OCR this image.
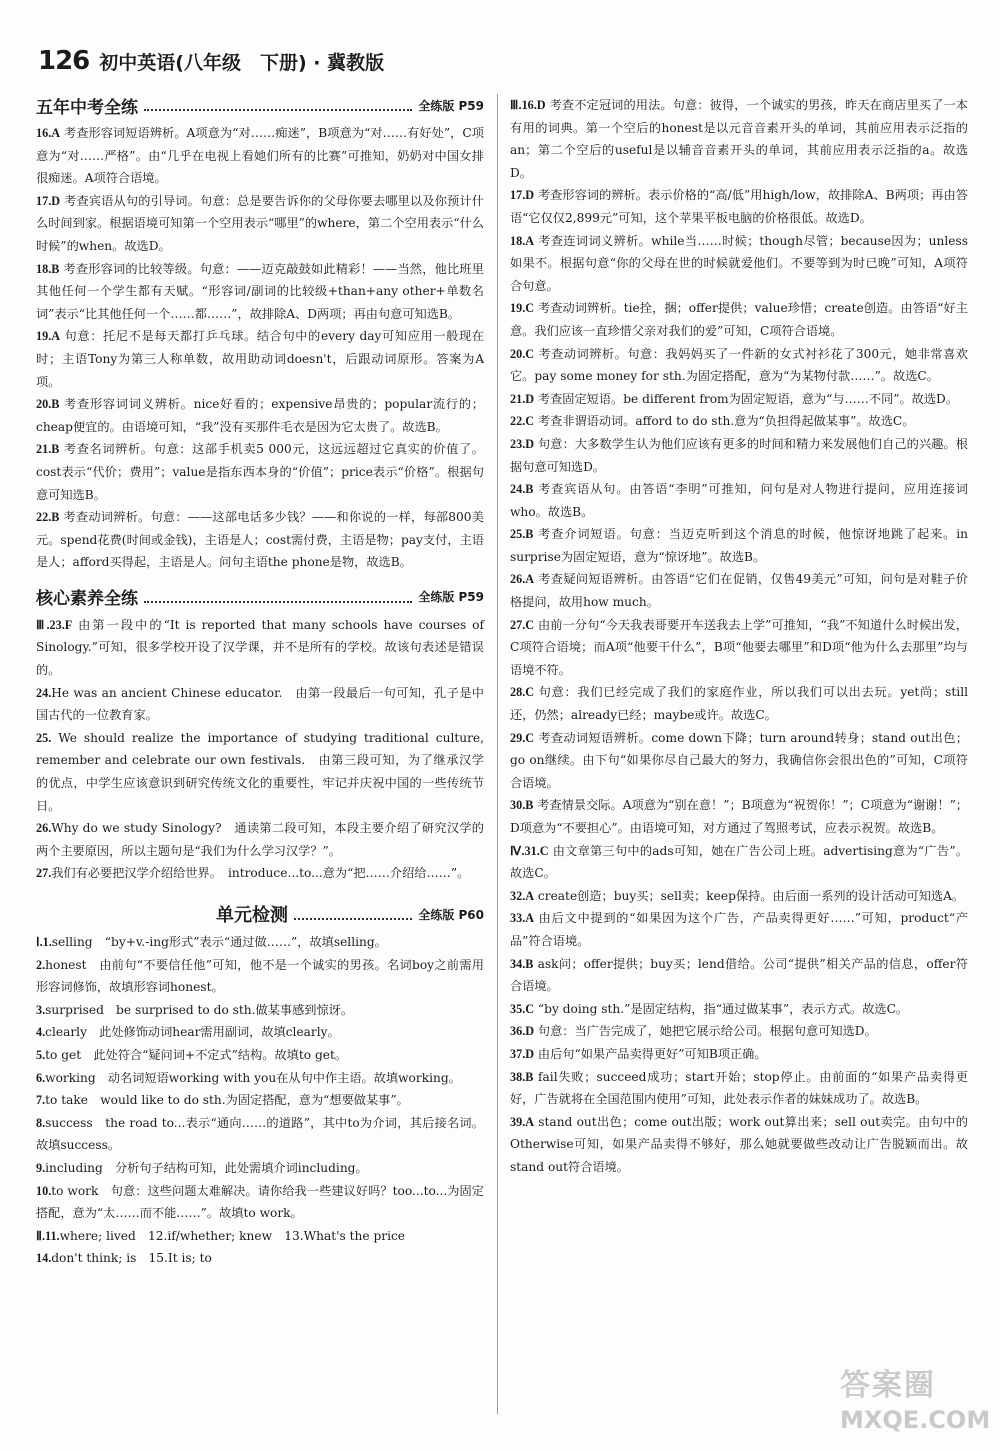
126 初中英语(八年级　下册) · 冀教版
五年中考全练	全练版 P59

16.A 考查形容词短语辨析。A项意为“对……痴迷”，B项意为“对……有好处”，C项意为“对……严格”。由“几乎在电视上看她们所有的比赛”可推知，奶奶对中国女排很痴迷。A项符合语境。

17.D 考查宾语从句的引导词。句意：总是要告诉你的父母你要去哪里以及你预计什么时间到家。根据语境可知第一个空用表示“哪里”的where，第二个空用表示“什么时候”的when。故选D。

18.B 考查形容词的比较等级。句意：——迈克敲鼓如此精彩！——当然，他比班里其他任何一个学生都有天赋。“形容词/副词的比较级+than+any other+单数名词”表示“比其他任何一个……都……”，故排除A、D两项；再由句意可知选B。

19.A 句意：托尼不是每天都打乒乓球。结合句中的every day可知应用一般现在时；主语Tony为第三人称单数，故用助动词doesn't，后跟动词原形。答案为A项。

20.B 考查形容词词义辨析。nice好看的；expensive昂贵的；popular流行的；cheap便宜的。由语境可知，“我”没有买那件毛衣是因为它太贵了。故选B。

21.B 考查名词辨析。句意：这部手机卖5 000元，这远远超过它真实的价值了。cost表示“代价；费用”；value是指东西本身的“价值”；price表示“价格”。根据句意可知选B。

22.B 考查动词辨析。句意：——这部电话多少钱？——和你说的一样，每部800美元。spend花费(时间或金钱)，主语是人；cost需付费，主语是物；pay支付，主语是人；afford买得起，主语是人。问句主语the phone是物，故选B。

核心素养全练	全练版 P59

Ⅲ.23.F 由第一段中的“It is reported that many schools have courses of Sinology.”可知，很多学校开设了汉学课，并不是所有的学校。故该句表述是错误的。

24.He was an ancient Chinese educator.　由第一段最后一句可知，孔子是中国古代的一位教育家。

25. We should realize the importance of studying traditional culture, remember and celebrate our own festivals.　由第三段可知，为了继承汉学的优点，中学生应该意识到研究传统文化的重要性，牢记并庆祝中国的一些传统节日。

26.Why do we study Sinology?　通读第二段可知，本段主要介绍了研究汉学的两个主要原因，所以主题句是“我们为什么学习汉学？”。

27.我们有必要把汉学介绍给世界。　introduce...to...意为“把……介绍给……”。

单元检测	全练版 P60

Ⅰ.1.selling　“by+v.-ing形式”表示“通过做……”，故填selling。

2.honest　由前句“不要信任他”可知，他不是一个诚实的男孩。名词boy之前需用形容词修饰，故填形容词honest。

3.surprised　be surprised to do sth.做某事感到惊讶。

4.clearly　此处修饰动词hear需用副词，故填clearly。

5.to get　此处符合“疑问词+不定式”结构。故填to get。

6.working　动名词短语working with you在从句中作主语。故填working。

7.to take　would like to do sth.为固定搭配，意为“想要做某事”。

8.success　the road to...表示“通向……的道路”，其中to为介词，其后接名词。故填success。

9.including　分析句子结构可知，此处需填介词including。

10.to work　句意：这些问题太难解决。请你给我一些建议好吗？too...to...为固定搭配，意为“太……而不能……”。故填to work。

Ⅱ.11.where; lived　12.if/whether; knew　13.What's the price

14.don't think; is　15.It is; to

Ⅲ.16.D 考查不定冠词的用法。句意：彼得，一个诚实的男孩，昨天在商店里买了一本有用的词典。第一个空后的honest是以元音音素开头的单词，其前应用表示泛指的an；第二个空后的useful是以辅音音素开头的单词，其前应用表示泛指的a。故选D。

17.D 考查形容词的辨析。表示价格的“高/低”用high/low，故排除A、B两项；再由答语“它仅仅2,899元”可知，这个苹果平板电脑的价格很低。故选D。

18.A 考查连词词义辨析。while当……时候；though尽管；because因为；unless如果不。根据句意“你的父母在世的时候就爱他们。不要等到为时已晚”可知，A项符合句意。

19.C 考查动词辨析。tie拴，捆；offer提供；value珍惜；create创造。由答语“好主意。我们应该一直珍惜父亲对我们的爱”可知，C项符合语境。

20.C 考查动词辨析。句意：我妈妈买了一件新的女式衬衫花了300元，她非常喜欢它。pay some money for sth.为固定搭配，意为“为某物付款……”。故选C。

21.D 考查固定短语。be different from为固定短语，意为“与……不同”。故选D。

22.C 考查非谓语动词。afford to do sth.意为“负担得起做某事”。故选C。

23.D 句意：大多数学生认为他们应该有更多的时间和精力来发展他们自己的兴趣。根据句意可知选D。

24.B 考查宾语从句。由答语“李明”可推知，问句是对人物进行提问，应用连接词who。故选B。

25.B 考查介词短语。句意：当迈克听到这个消息的时候，他惊讶地跳了起来。in surprise为固定短语，意为“惊讶地”。故选B。

26.A 考查疑问短语辨析。由答语“它们在促销，仅售49美元”可知，问句是对鞋子价格提问，故用how much。

27.C 由前一分句“今天我表哥要开车送我去上学”可推知，“我”不知道什么时候出发，C项符合语境；而A项“他要干什么”，B项“他要去哪里”和D项“他为什么去那里”均与语境不符。

28.C 句意：我们已经完成了我们的家庭作业，所以我们可以出去玩。yet尚；still还，仍然；already已经；maybe或许。故选C。

29.C 考查动词短语辨析。come down下降；turn around转身；stand out出色；go on继续。由下句“如果你尽自己最大的努力，我确信你会很出色的”可知，C项符合语境。

30.B 考查情景交际。A项意为“别在意！”；B项意为“祝贺你！”；C项意为“谢谢！”；D项意为“不要担心”。由语境可知，对方通过了驾照考试，应表示祝贺。故选B。

Ⅳ.31.C 由文章第三句中的ads可知，她在广告公司上班。advertising意为“广告”。故选C。

32.A create创造；buy买；sell卖；keep保持。由后面一系列的设计活动可知选A。

33.A 由后文中提到的“如果因为这个广告，产品卖得更好……”可知，product“产品”符合语境。

34.B ask问；offer提供；buy买；lend借给。公司“提供”相关产品的信息，offer符合语境。

35.C “by doing sth.”是固定结构，指“通过做某事”，表示方式。故选C。

36.D 句意：当广告完成了，她把它展示给公司。根据句意可知选D。

37.D 由后句“如果产品卖得更好”可知B项正确。

38.B fail失败；succeed成功；start开始；stop停止。由前面的“如果产品卖得更好，广告就将在全国范围内使用”可知，此处表示作者的妹妹成功了。故选B。

39.A stand out出色；come out出版；work out算出来；sell out卖完。由句中的Otherwise可知，如果产品卖得不够好，那么她就要做些改动让广告脱颖而出。故stand out符合语境。

答案圈
MXQE.COM
